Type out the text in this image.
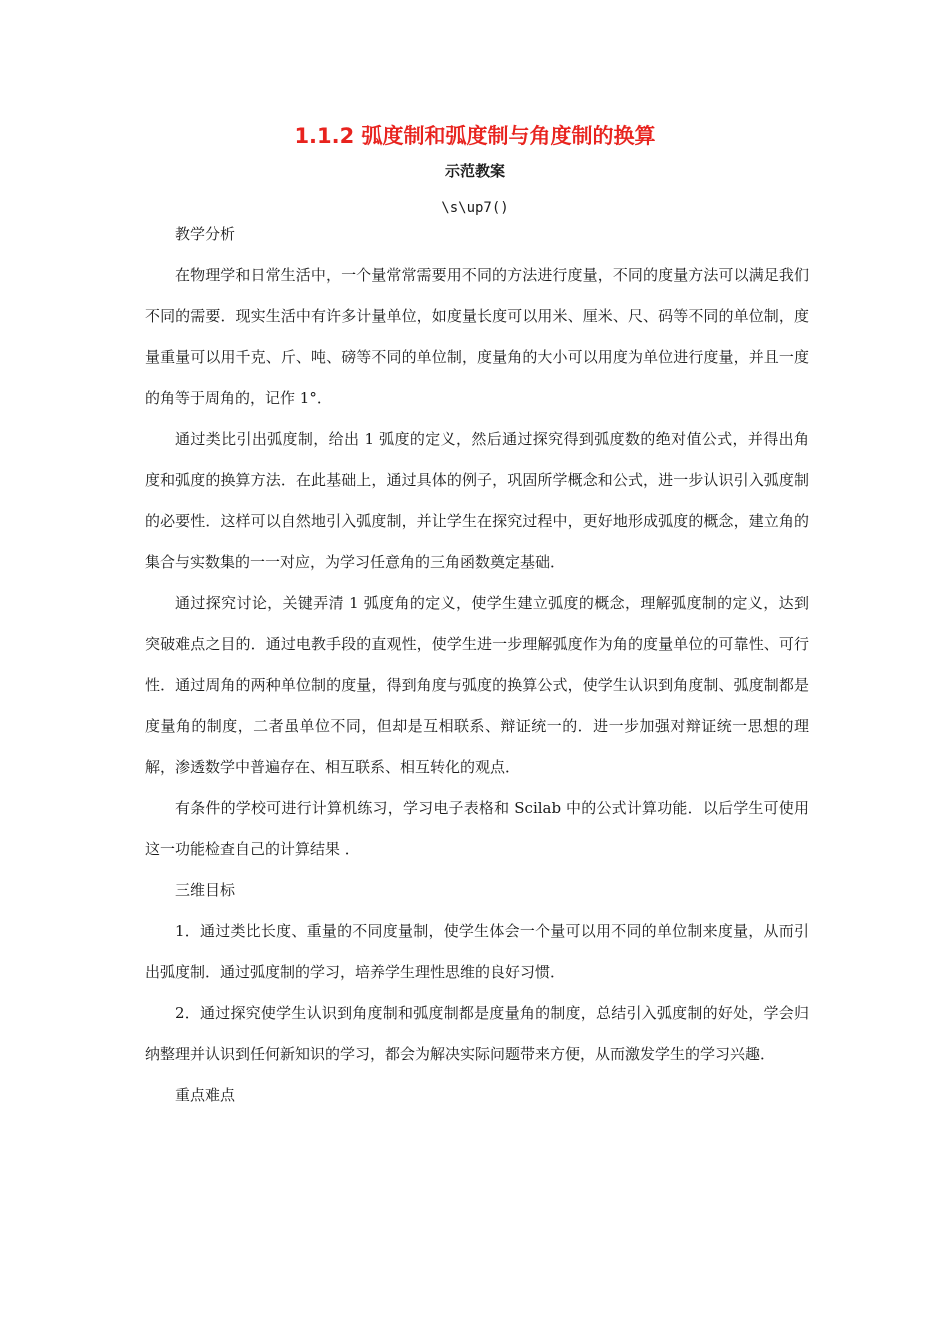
1.1.2 弧度制和弧度制与角度制的换算
示范教案
\s\up7()

教学分析

在物理学和日常生活中，一个量常常需要用不同的方法进行度量，不同的度量方法可以满足我们不同的需要．现实生活中有许多计量单位，如度量长度可以用米、厘米、尺、码等不同的单位制，度量重量可以用千克、斤、吨、磅等不同的单位制，度量角的大小可以用度为单位进行度量，并且一度的角等于周角的，记作 1°．

通过类比引出弧度制，给出 1 弧度的定义，然后通过探究得到弧度数的绝对值公式，并得出角度和弧度的换算方法．在此基础上，通过具体的例子，巩固所学概念和公式，进一步认识引入弧度制的必要性．这样可以自然地引入弧度制，并让学生在探究过程中，更好地形成弧度的概念，建立角的集合与实数集的一一对应，为学习任意角的三角函数奠定基础．

通过探究讨论，关键弄清 1 弧度角的定义，使学生建立弧度的概念，理解弧度制的定义，达到突破难点之目的．通过电教手段的直观性，使学生进一步理解弧度作为角的度量单位的可靠性、可行性．通过周角的两种单位制的度量，得到角度与弧度的换算公式，使学生认识到角度制、弧度制都是度量角的制度，二者虽单位不同，但却是互相联系、辩证统一的．进一步加强对辩证统一思想的理解，渗透数学中普遍存在、相互联系、相互转化的观点．

有条件的学校可进行计算机练习，学习电子表格和 Scilab 中的公式计算功能．以后学生可使用这一功能检查自己的计算结果 ．

三维目标

1．通过类比长度、重量的不同度量制，使学生体会一个量可以用不同的单位制来度量，从而引出弧度制．通过弧度制的学习，培养学生理性思维的良好习惯．

2．通过探究使学生认识到角度制和弧度制都是度量角的制度，总结引入弧度制的好处，学会归纳整理并认识到任何新知识的学习，都会为解决实际问题带来方便，从而激发学生的学习兴趣．

重点难点
